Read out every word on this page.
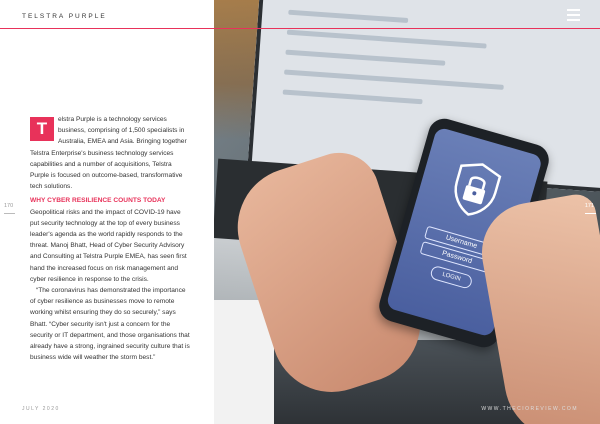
TELSTRA PURPLE
170

T	elstra Purple is a technology services business, comprising of 1,500 specialists in Australia, EMEA and Asia. Bringing together Telstra Enterprise's business technology services capabilities and a number of acquisitions, Telstra Purple is focused on outcome-based, transformative tech solutions.

WHY CYBER RESILIENCE COUNTS TODAY

Geopolitical risks and the impact of COVID-19 have put security technology at the top of every business leader's agenda as the world rapidly responds to the threat. Manoj Bhatt, Head of Cyber Security Advisory and Consulting at Telstra Purple EMEA, has seen first hand the increased focus on risk management and cyber resilience in response to the crisis.

“The coronavirus has demonstrated the importance of cyber resilience as businesses move to remote working whilst ensuring they do so securely,” says Bhatt. “Cyber security isn't just a concern for the security or IT department, and those organisations that already have a strong, ingrained security culture that is business wide will weather the storm best.”

JULY 2020
Username
Password
LOGIN
171
WWW.THECIOREVIEW.COM
